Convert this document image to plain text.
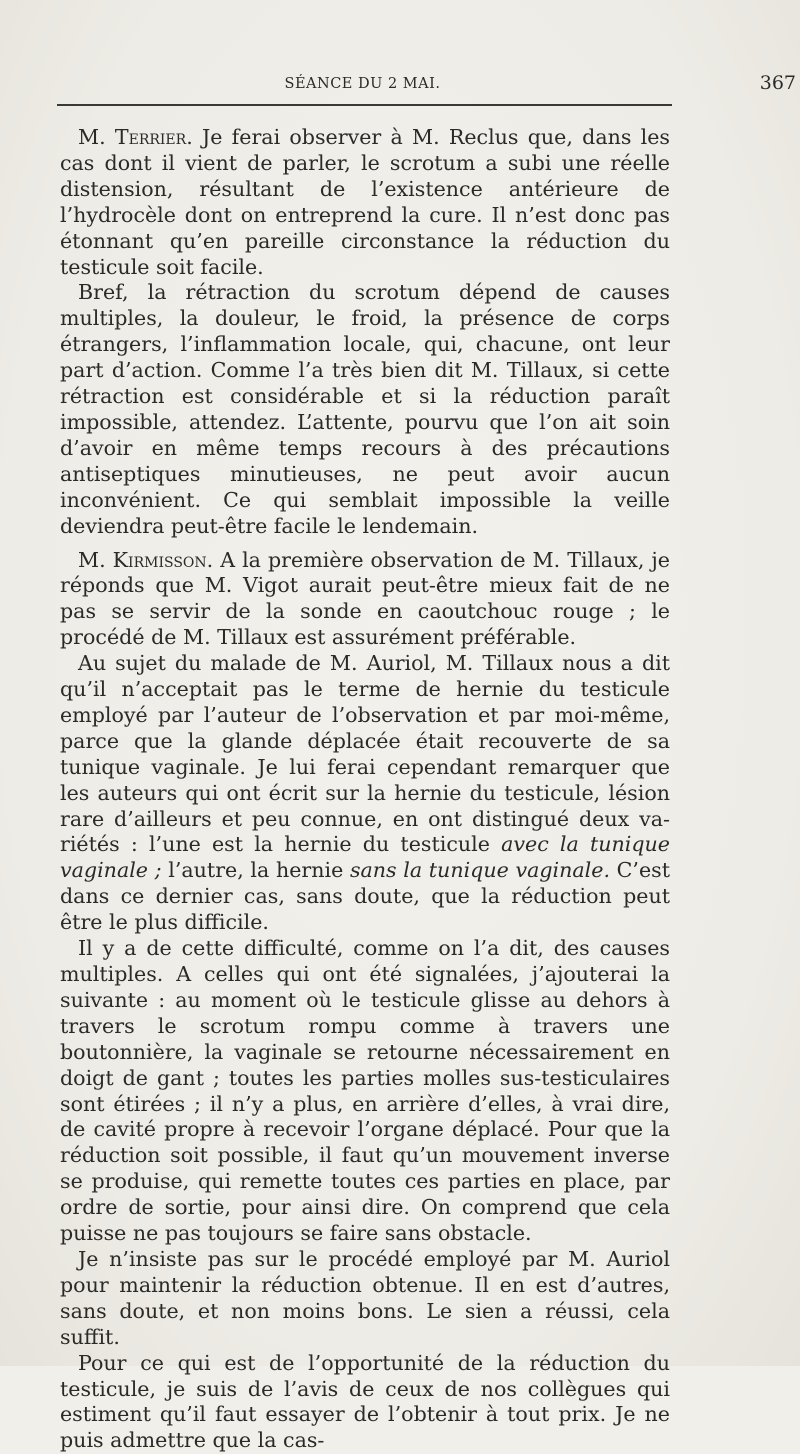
SÉANCE DU 2 MAI.	367

M. Terrier. Je ferai observer à M. Reclus que, dans les cas dont il vient de parler, le scrotum a subi une réelle distension, résultant de l’existence antérieure de l’hydrocèle dont on entreprend la cure. Il n’est donc pas étonnant qu’en pareille circonstance la réduction du testicule soit facile.

Bref, la rétraction du scrotum dépend de causes multiples, la douleur, le froid, la présence de corps étrangers, l’inflammation locale, qui, chacune, ont leur part d’action. Comme l’a très bien dit M. Tillaux, si cette rétraction est considérable et si la réduction paraît impossible, attendez. L’attente, pourvu que l’on ait soin d’avoir en même temps recours à des précautions antiseptiques minutieuses, ne peut avoir aucun inconvénient. Ce qui semblait impossible la veille deviendra peut-être facile le lendemain.

M. Kirmisson. A la première observation de M. Tillaux, je réponds que M. Vigot aurait peut-être mieux fait de ne pas se servir de la sonde en caoutchouc rouge ; le procédé de M. Tillaux est assurément préférable.

Au sujet du malade de M. Auriol, M. Tillaux nous a dit qu’il n’acceptait pas le terme de hernie du testicule employé par l’auteur de l’observation et par moi-même, parce que la glande déplacée était recouverte de sa tunique vaginale. Je lui ferai cependant remarquer que les auteurs qui ont écrit sur la hernie du testicule, lésion rare d’ailleurs et peu connue, en ont distingué deux variétés : l’une est la hernie du testicule avec la tunique vaginale ; l’autre, la hernie sans la tunique vaginale. C’est dans ce dernier cas, sans doute, que la réduction peut être le plus difficile.

Il y a de cette difficulté, comme on l’a dit, des causes multiples. A celles qui ont été signalées, j’ajouterai la suivante : au moment où le testicule glisse au dehors à travers le scrotum rompu comme à travers une boutonnière, la vaginale se retourne nécessairement en doigt de gant ; toutes les parties molles sus-testiculaires sont étirées ; il n’y a plus, en arrière d’elles, à vrai dire, de cavité propre à recevoir l’organe déplacé. Pour que la réduction soit possible, il faut qu’un mouvement inverse se produise, qui remette toutes ces parties en place, par ordre de sortie, pour ainsi dire. On comprend que cela puisse ne pas toujours se faire sans obstacle.

Je n’insiste pas sur le procédé employé par M. Auriol pour maintenir la réduction obtenue. Il en est d’autres, sans doute, et non moins bons. Le sien a réussi, cela suffit.

Pour ce qui est de l’opportunité de la réduction du testicule, je suis de l’avis de ceux de nos collègues qui estiment qu’il faut essayer de l’obtenir à tout prix. Je ne puis admettre que la cas-
